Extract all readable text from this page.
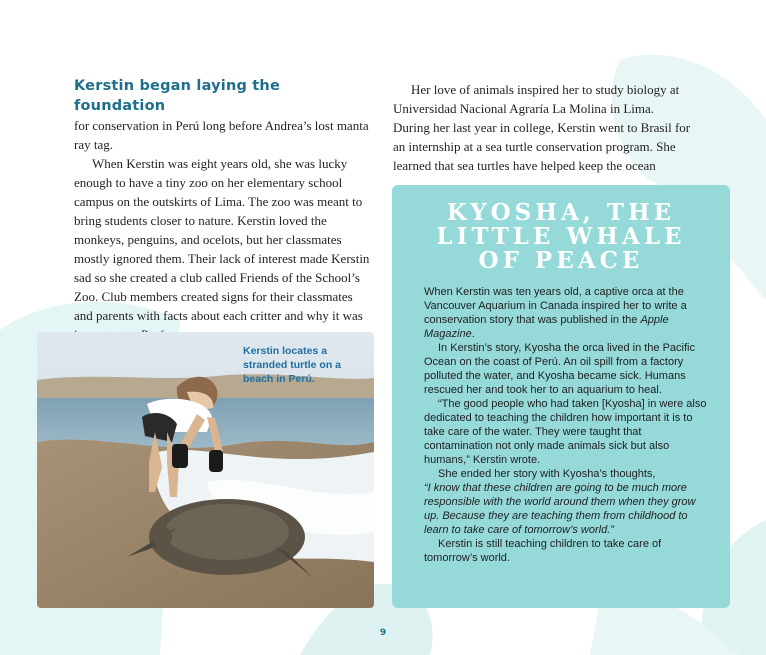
Kerstin began laying the foundation
for conservation in Perú long before Andrea’s lost manta ray tag.

When Kerstin was eight years old, she was lucky enough to have a tiny zoo on her elementary school campus on the outskirts of Lima. The zoo was meant to bring students closer to nature. Kerstin loved the monkeys, penguins, and ocelots, but her classmates mostly ignored them. Their lack of interest made Kerstin sad so she created a club called Friends of the School’s Zoo. Club members created signs for their classmates and parents with facts about each critter and why it was

Her love of animals inspired her to study biology at Universidad Nacional Agraría La Molina in Lima. During her last year in college, Kerstin went to Brasil for an internship at a sea turtle conservation program. She learned that sea turtles have helped keep the ocean

Kerstin locates a stranded turtle on a beach in Perú.
KYOSHA, THE
LITTLE WHALE
OF PEACE

When Kerstin was ten years old, a captive orca at the Vancouver Aquarium in Canada inspired her to write a conservation story that was published in the Apple Magazine.

In Kerstin’s story, Kyosha the orca lived in the Pacific Ocean on the coast of Perú. An oil spill from a factory polluted the water, and Kyosha became sick. Humans rescued her and took her to an aquarium to heal.

“The good people who had taken [Kyosha] in were also dedicated to teaching the children how important it is to take care of the water. They were taught that contamination not only made animals sick but also humans,” Kerstin wrote.

She ended her story with Kyosha’s thoughts,
“I know that these children are going to be much more responsible with the world around them when they grow up. Because they are teaching them from childhood to learn to take care of tomorrow’s world.”

Kerstin is still teaching children to take care of tomorrow’s world.

9
